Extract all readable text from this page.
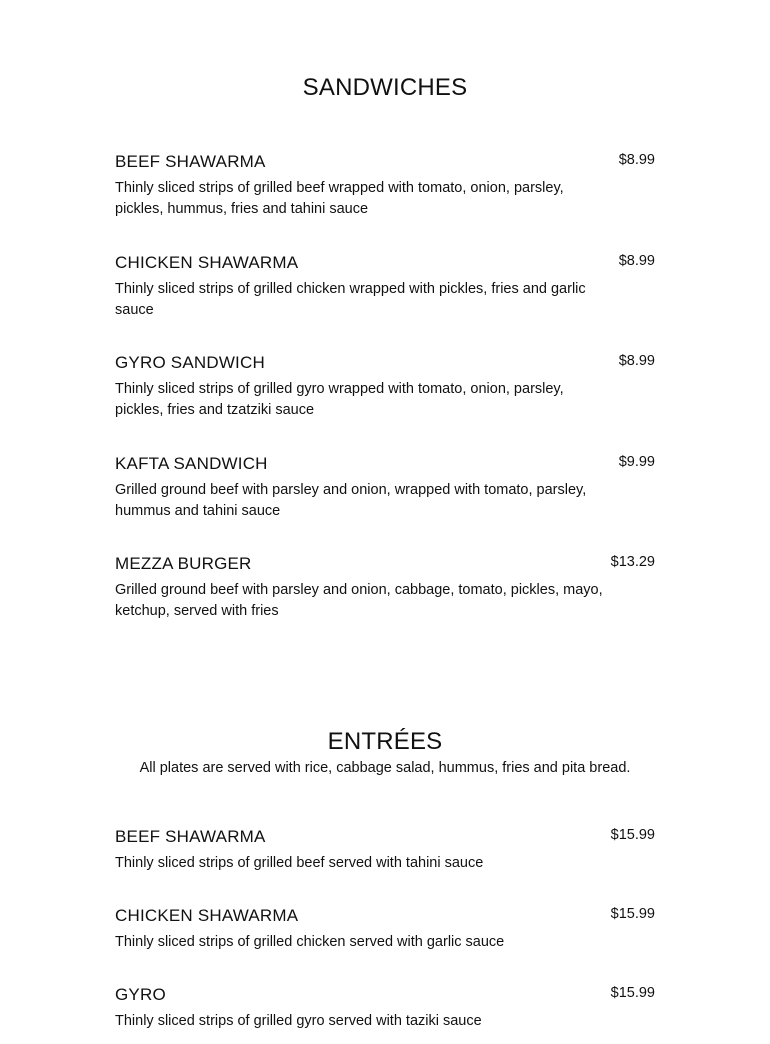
SANDWICHES
BEEF SHAWARMA	$8.99
Thinly sliced strips of grilled beef wrapped with tomato, onion, parsley, pickles, hummus, fries and tahini sauce
CHICKEN SHAWARMA	$8.99
Thinly sliced strips of grilled chicken wrapped with pickles, fries and garlic sauce
GYRO SANDWICH	$8.99
Thinly sliced strips of grilled gyro wrapped with tomato, onion, parsley, pickles, fries and tzatziki sauce
KAFTA SANDWICH	$9.99
Grilled ground beef with parsley and onion, wrapped with tomato, parsley, hummus and tahini sauce
MEZZA BURGER	$13.29
Grilled ground beef with parsley and onion, cabbage, tomato, pickles, mayo, ketchup, served with fries
ENTRÉES

All plates are served with rice, cabbage salad, hummus, fries and pita bread.

BEEF SHAWARMA	$15.99
Thinly sliced strips of grilled beef served with tahini sauce
CHICKEN SHAWARMA	$15.99
Thinly sliced strips of grilled chicken served with garlic sauce
GYRO	$15.99
Thinly sliced strips of grilled gyro served with taziki sauce
